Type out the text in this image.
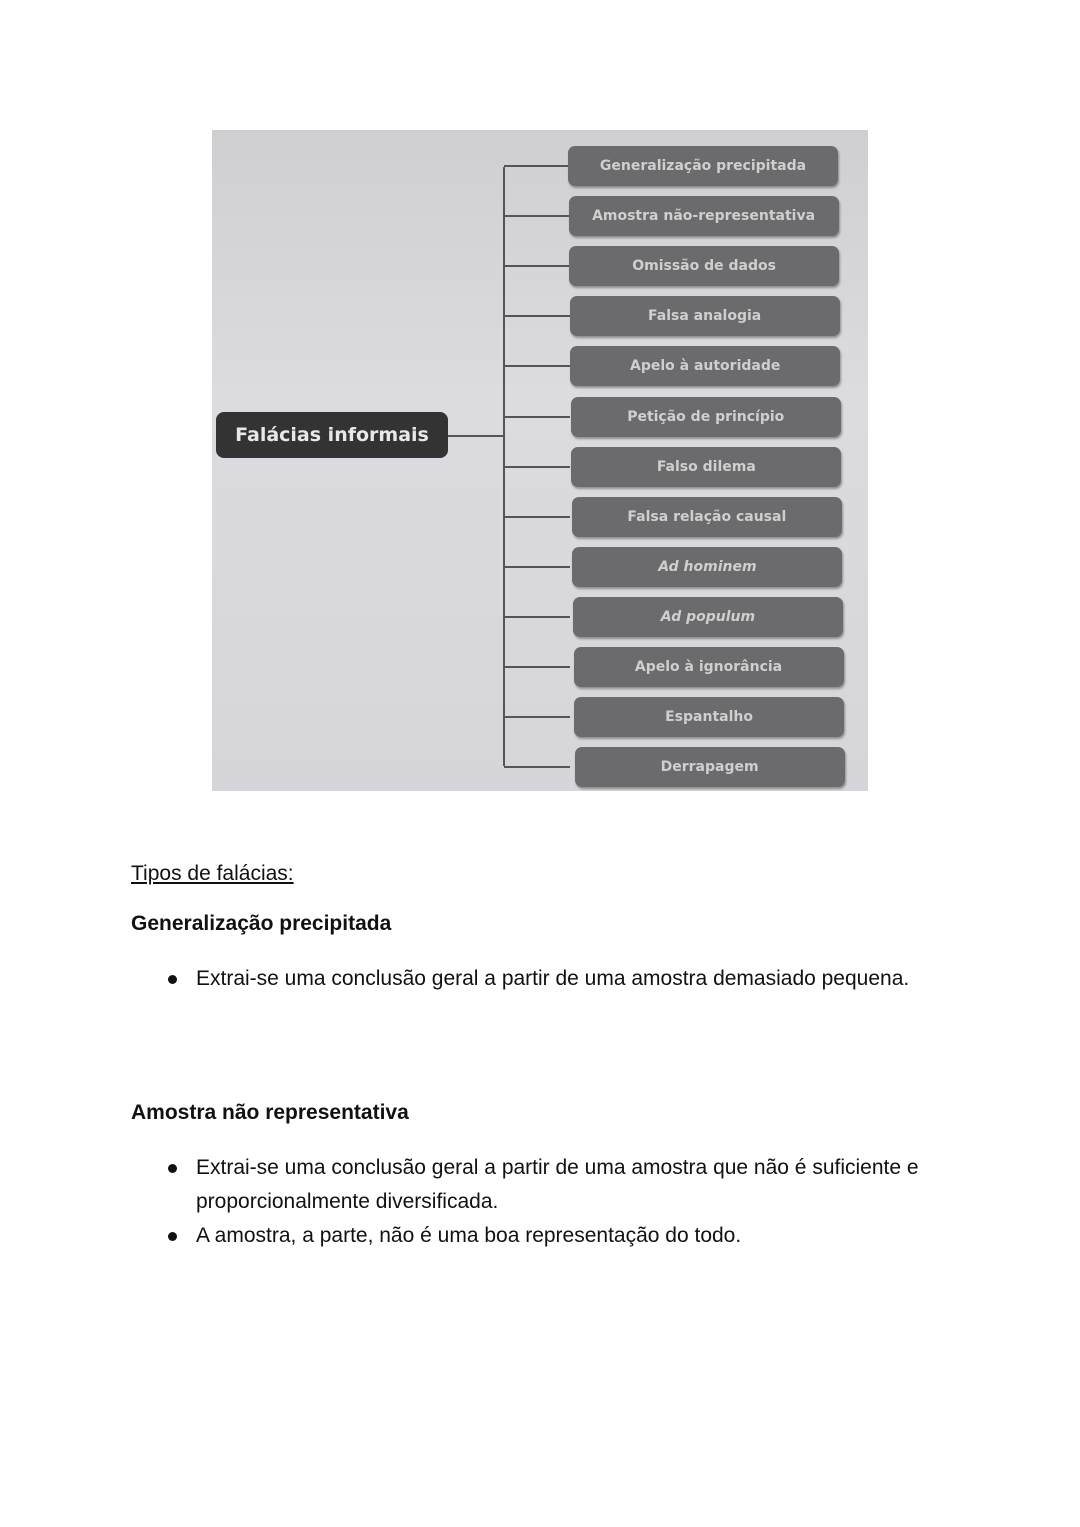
Falácias informais
Generalização precipitada
Amostra não-representativa
Omissão de dados
Falsa analogia
Apelo à autoridade
Petição de princípio
Falso dilema
Falsa relação causal
Ad hominem
Ad populum
Apelo à ignorância
Espantalho
Derrapagem
Tipos de falácias:
Generalização precipitada
Extrai-se uma conclusão geral a partir de uma amostra demasiado pequena.
Amostra não representativa
Extrai-se uma conclusão geral a partir de uma amostra que não é suficiente e proporcionalmente diversificada.
A amostra, a parte, não é uma boa representação do todo.
